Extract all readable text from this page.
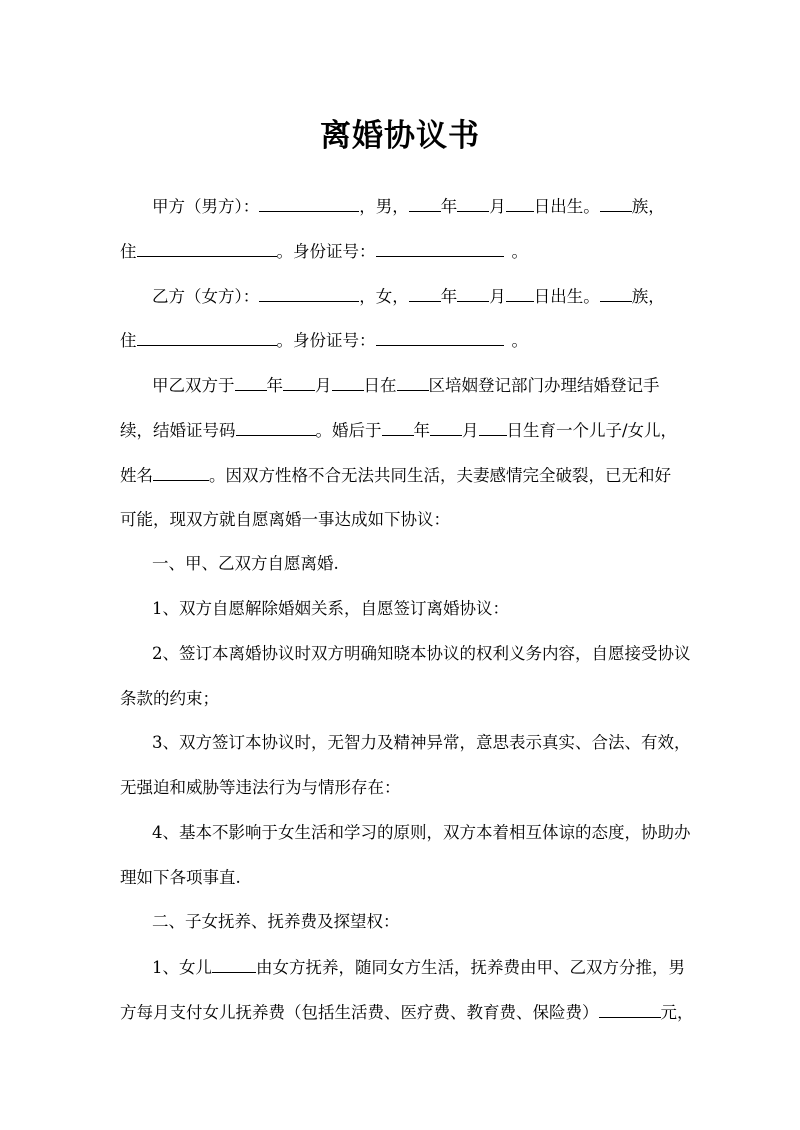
离婚协议书

甲方（男方）：	，男， 年 月 日出生。 族，

住	。身份证号：	。

乙方（女方）：	，女， 年 月 日出生。 族，

住	。身份证号：	。

甲乙双方于 年 月 日在 区培姻登记部门办理结婚登记手

续，结婚证号码	。婚后于 年 月 日生育一个儿子/女儿，

姓名	。因双方性格不合无法共同生活，夫妻感情完全破裂，已无和好

可能，现双方就自愿离婚一事达成如下协议：

一、甲、乙双方自愿离婚.

1、双方自愿解除婚姻关系，自愿签订离婚协议：

2、签订本离婚协议时双方明确知晓本协议的权利义务内容，自愿接受协议

条款的约束；

3、双方签订本协议时，无智力及精神异常，意思表示真实、合法、有效，

无强迫和威胁等违法行为与情形存在：

4、基本不影响于女生活和学习的原则，双方本着相互体谅的态度，协助办

理如下各项事直.

二、子女抚养、抚养费及探望权：

1、女儿	由女方抚养，随同女方生活，抚养费由甲、乙双方分推，男

方每月支付女儿抚养费（包括生活费、医疗费、教育费、保险费）	元，
